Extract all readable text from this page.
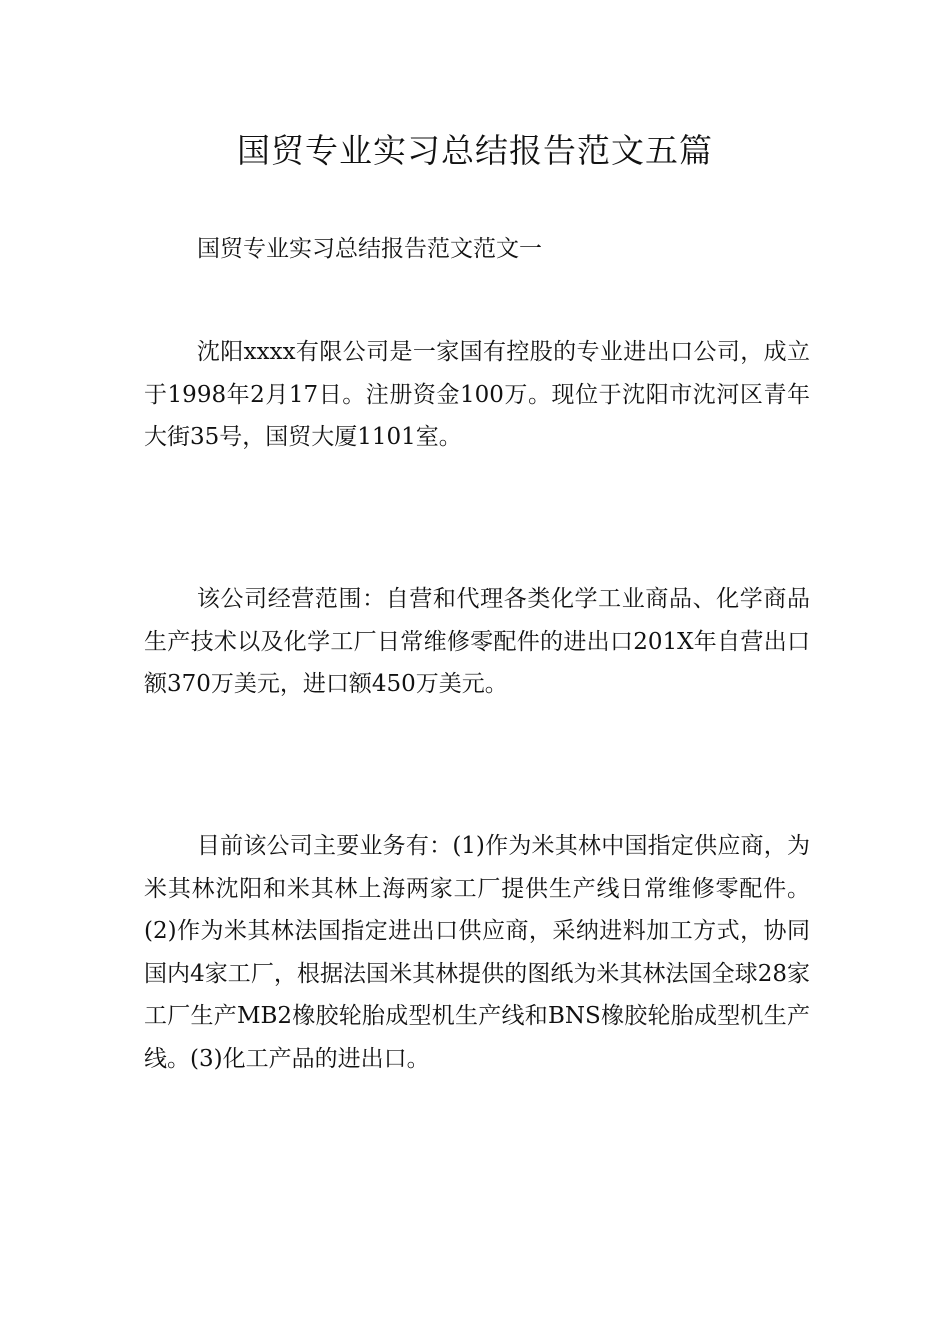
国贸专业实习总结报告范文五篇

国贸专业实习总结报告范文范文一

沈阳xxxx有限公司是一家国有控股的专业进出口公司，成立于1998年2月17日。注册资金100万。现位于沈阳市沈河区青年大街35号，国贸大厦1101室。

该公司经营范围：自营和代理各类化学工业商品、化学商品生产技术以及化学工厂日常维修零配件的进出口201X年自营出口额370万美元，进口额450万美元。

目前该公司主要业务有：(1)作为米其林中国指定供应商，为米其林沈阳和米其林上海两家工厂提供生产线日常维修零配件。(2)作为米其林法国指定进出口供应商，采纳进料加工方式，协同国内4家工厂，根据法国米其林提供的图纸为米其林法国全球28家工厂生产MB2橡胶轮胎成型机生产线和BNS橡胶轮胎成型机生产线。(3)化工产品的进出口。
